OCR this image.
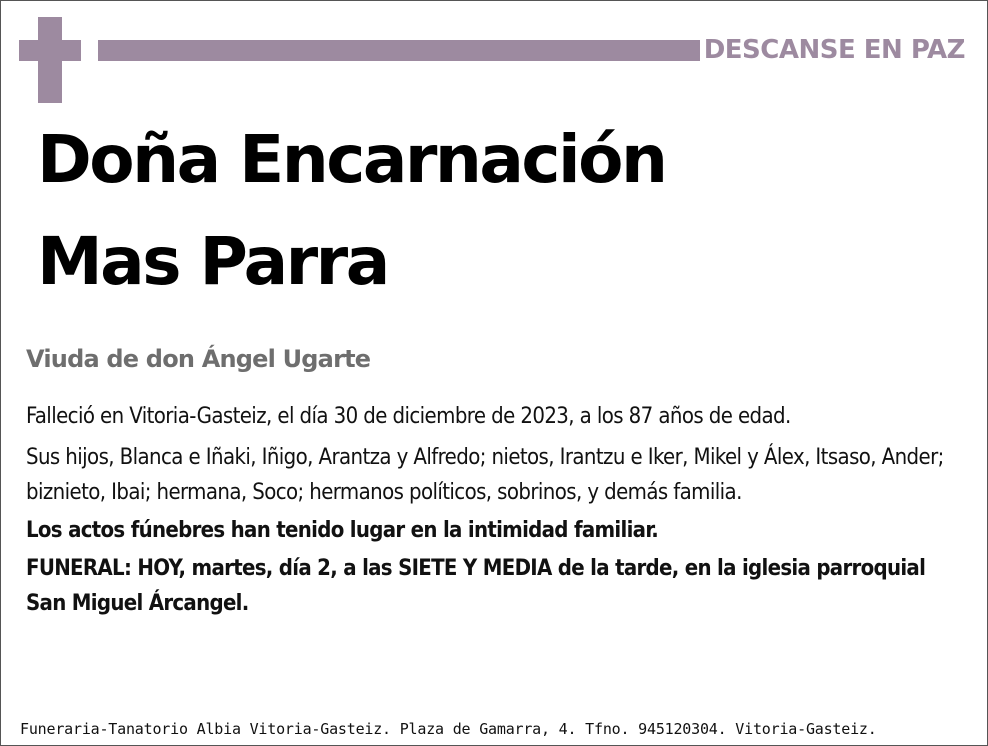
DESCANSE EN PAZ
Doña Encarnación
Mas Parra
Viuda de don Ángel Ugarte

Falleció en Vitoria-Gasteiz, el día 30 de diciembre de 2023, a los 87 años de edad.

Sus hijos, Blanca e Iñaki, Iñigo, Arantza y Alfredo; nietos, Irantzu e Iker, Mikel y Álex, Itsaso, Ander; biznieto, Ibai; hermana, Soco; hermanos políticos, sobrinos, y demás familia.

Los actos fúnebres han tenido lugar en la intimidad familiar.

FUNERAL: HOY, martes, día 2, a las SIETE Y MEDIA de la tarde, en la iglesia parroquial San Miguel Árcangel.

Funeraria-Tanatorio Albia Vitoria-Gasteiz. Plaza de Gamarra, 4. Tfno. 945120304. Vitoria-Gasteiz.
